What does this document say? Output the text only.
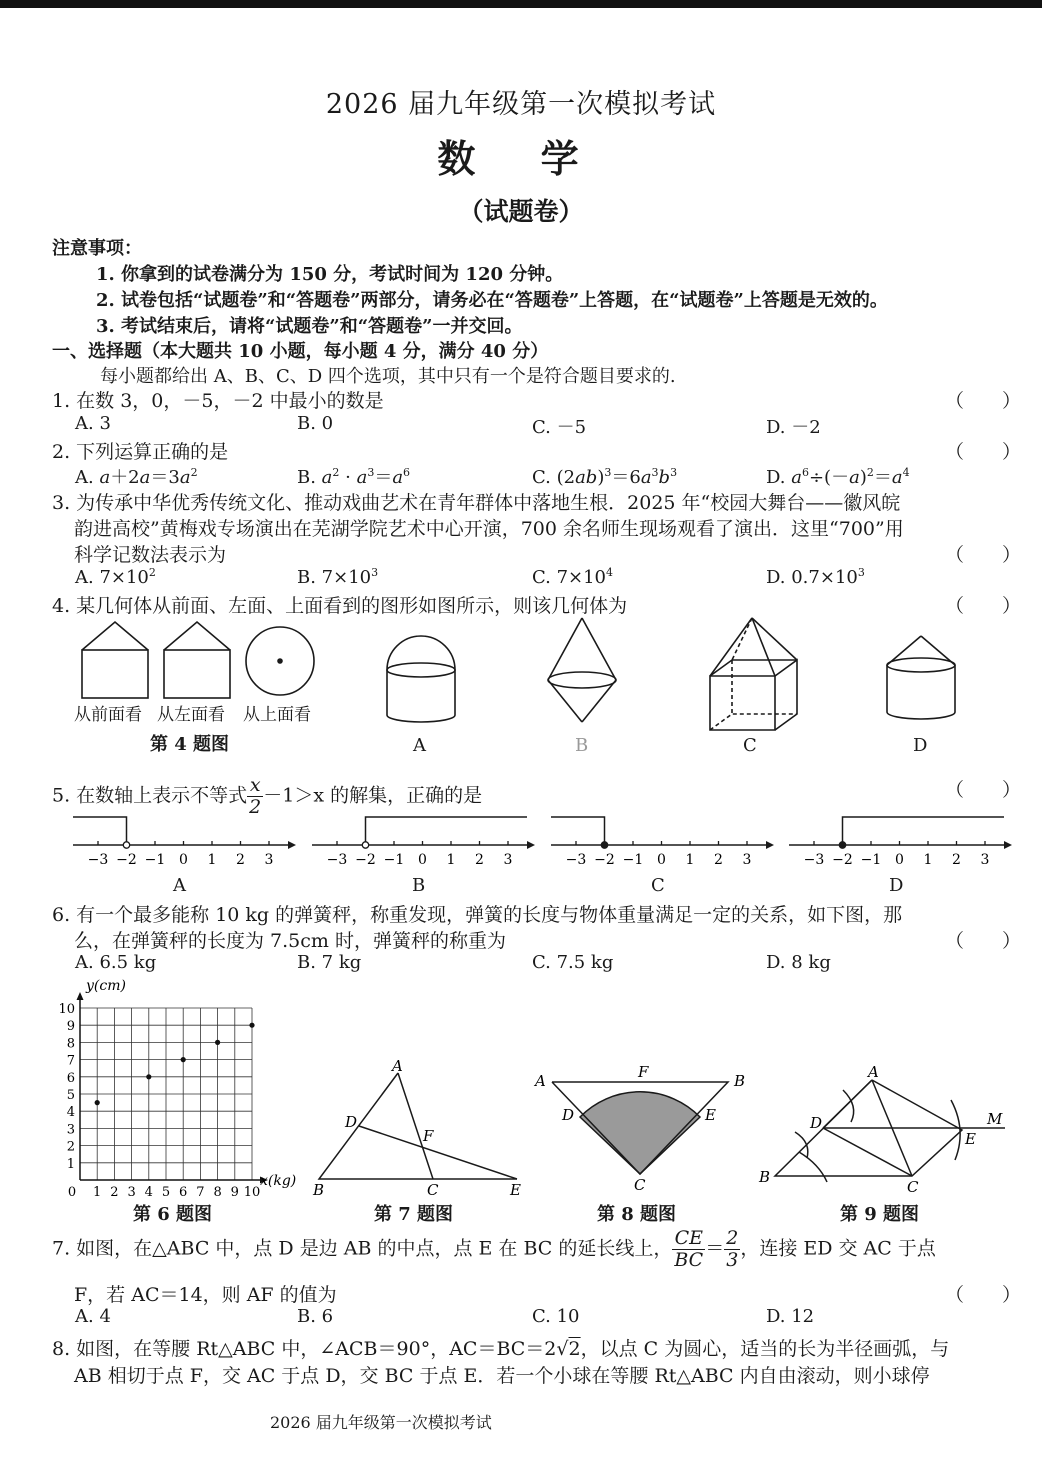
2026 届九年级第一次模拟考试
数 学
（试题卷）
注意事项：
1. 你拿到的试卷满分为 150 分，考试时间为 120 分钟。
2. 试卷包括“试题卷”和“答题卷”两部分，请务必在“答题卷”上答题，在“试题卷”上答题是无效的。
3. 考试结束后，请将“试题卷”和“答题卷”一并交回。
一、选择题（本大题共 10 小题，每小题 4 分，满分 40 分）
每小题都给出 A、B、C、D 四个选项，其中只有一个是符合题目要求的.
1. 在数 3，0，－5，－2 中最小的数是	（　　）
A. 3	B. 0	C. －5	D. －2
2. 下列运算正确的是	（　　）
A. $a+2a=3a^2$	B. $a^2 \cdot a^3=a^6$	C. $(2ab)^3=6a^3b^3$	D. $a^6\div(-a)^2=a^4$
3. 为传承中华优秀传统文化、推动戏曲艺术在青年群体中落地生根．2025 年“校园大舞台——徽风皖
韵进高校”黄梅戏专场演出在芜湖学院艺术中心开演，700 余名师生现场观看了演出．这里“700”用
科学记数法表示为	（　　）
A. $7\times 10^2$	B. $7\times 10^3$	C. $7\times 10^4$	D. $0.7\times 10^3$
4. 某几何体从前面、左面、上面看到的图形如图所示，则该几何体为	（　　）
从前面看 从左面看 从上面看
第 4 题图	A	B	C	D
5. 在数轴上表示不等式 $\frac{x}{2} -1>x$ 的解集，正确的是	（　　）
−3 −2 −1 0 1 2 3	−3 −2 −1 0 1 2 3	−3 −2 −1 0 1 2 3	−3 −2 −1 0 1 2 3
A	B	C	D
6. 有一个最多能称 10 kg 的弹簧秤，称重发现，弹簧的长度与物体重量满足一定的关系，如下图，那
么，在弹簧秤的长度为 7.5cm 时，弹簧秤的称重为	（　　）
A. 6.5 kg	B. 7 kg	C. 7.5 kg	D. 8 kg
0 1 2 3 4 5 6 7 8 9 10
1
2
3
4
5
6
7
8
9
10
y(cm)
x(kg)
A
D
F
B	C	E
A	F	B
D	E
C
A
D	M
E
B
C
第 6 题图	第 7 题图	第 8 题图	第 9 题图
7. 如图，在△ABC 中，点 D 是边 AB 的中点，点 E 在 BC 的延长线上， $\frac{CE}{BC} = \frac{2}{3}$ ，连接 ED 交 AC 于点
F，若 AC＝14，则 AF 的值为	（　　）
A. 4	B. 6	C. 10	D. 12
8. 如图，在等腰 Rt△ABC 中，∠ACB＝90°，AC＝BC＝2√2，以点 C 为圆心，适当的长为半径画弧，与
AB 相切于点 F，交 AC 于点 D，交 BC 于点 E．若一个小球在等腰 Rt△ABC 内自由滚动，则小球停
2026 届九年级第一次模拟考试
